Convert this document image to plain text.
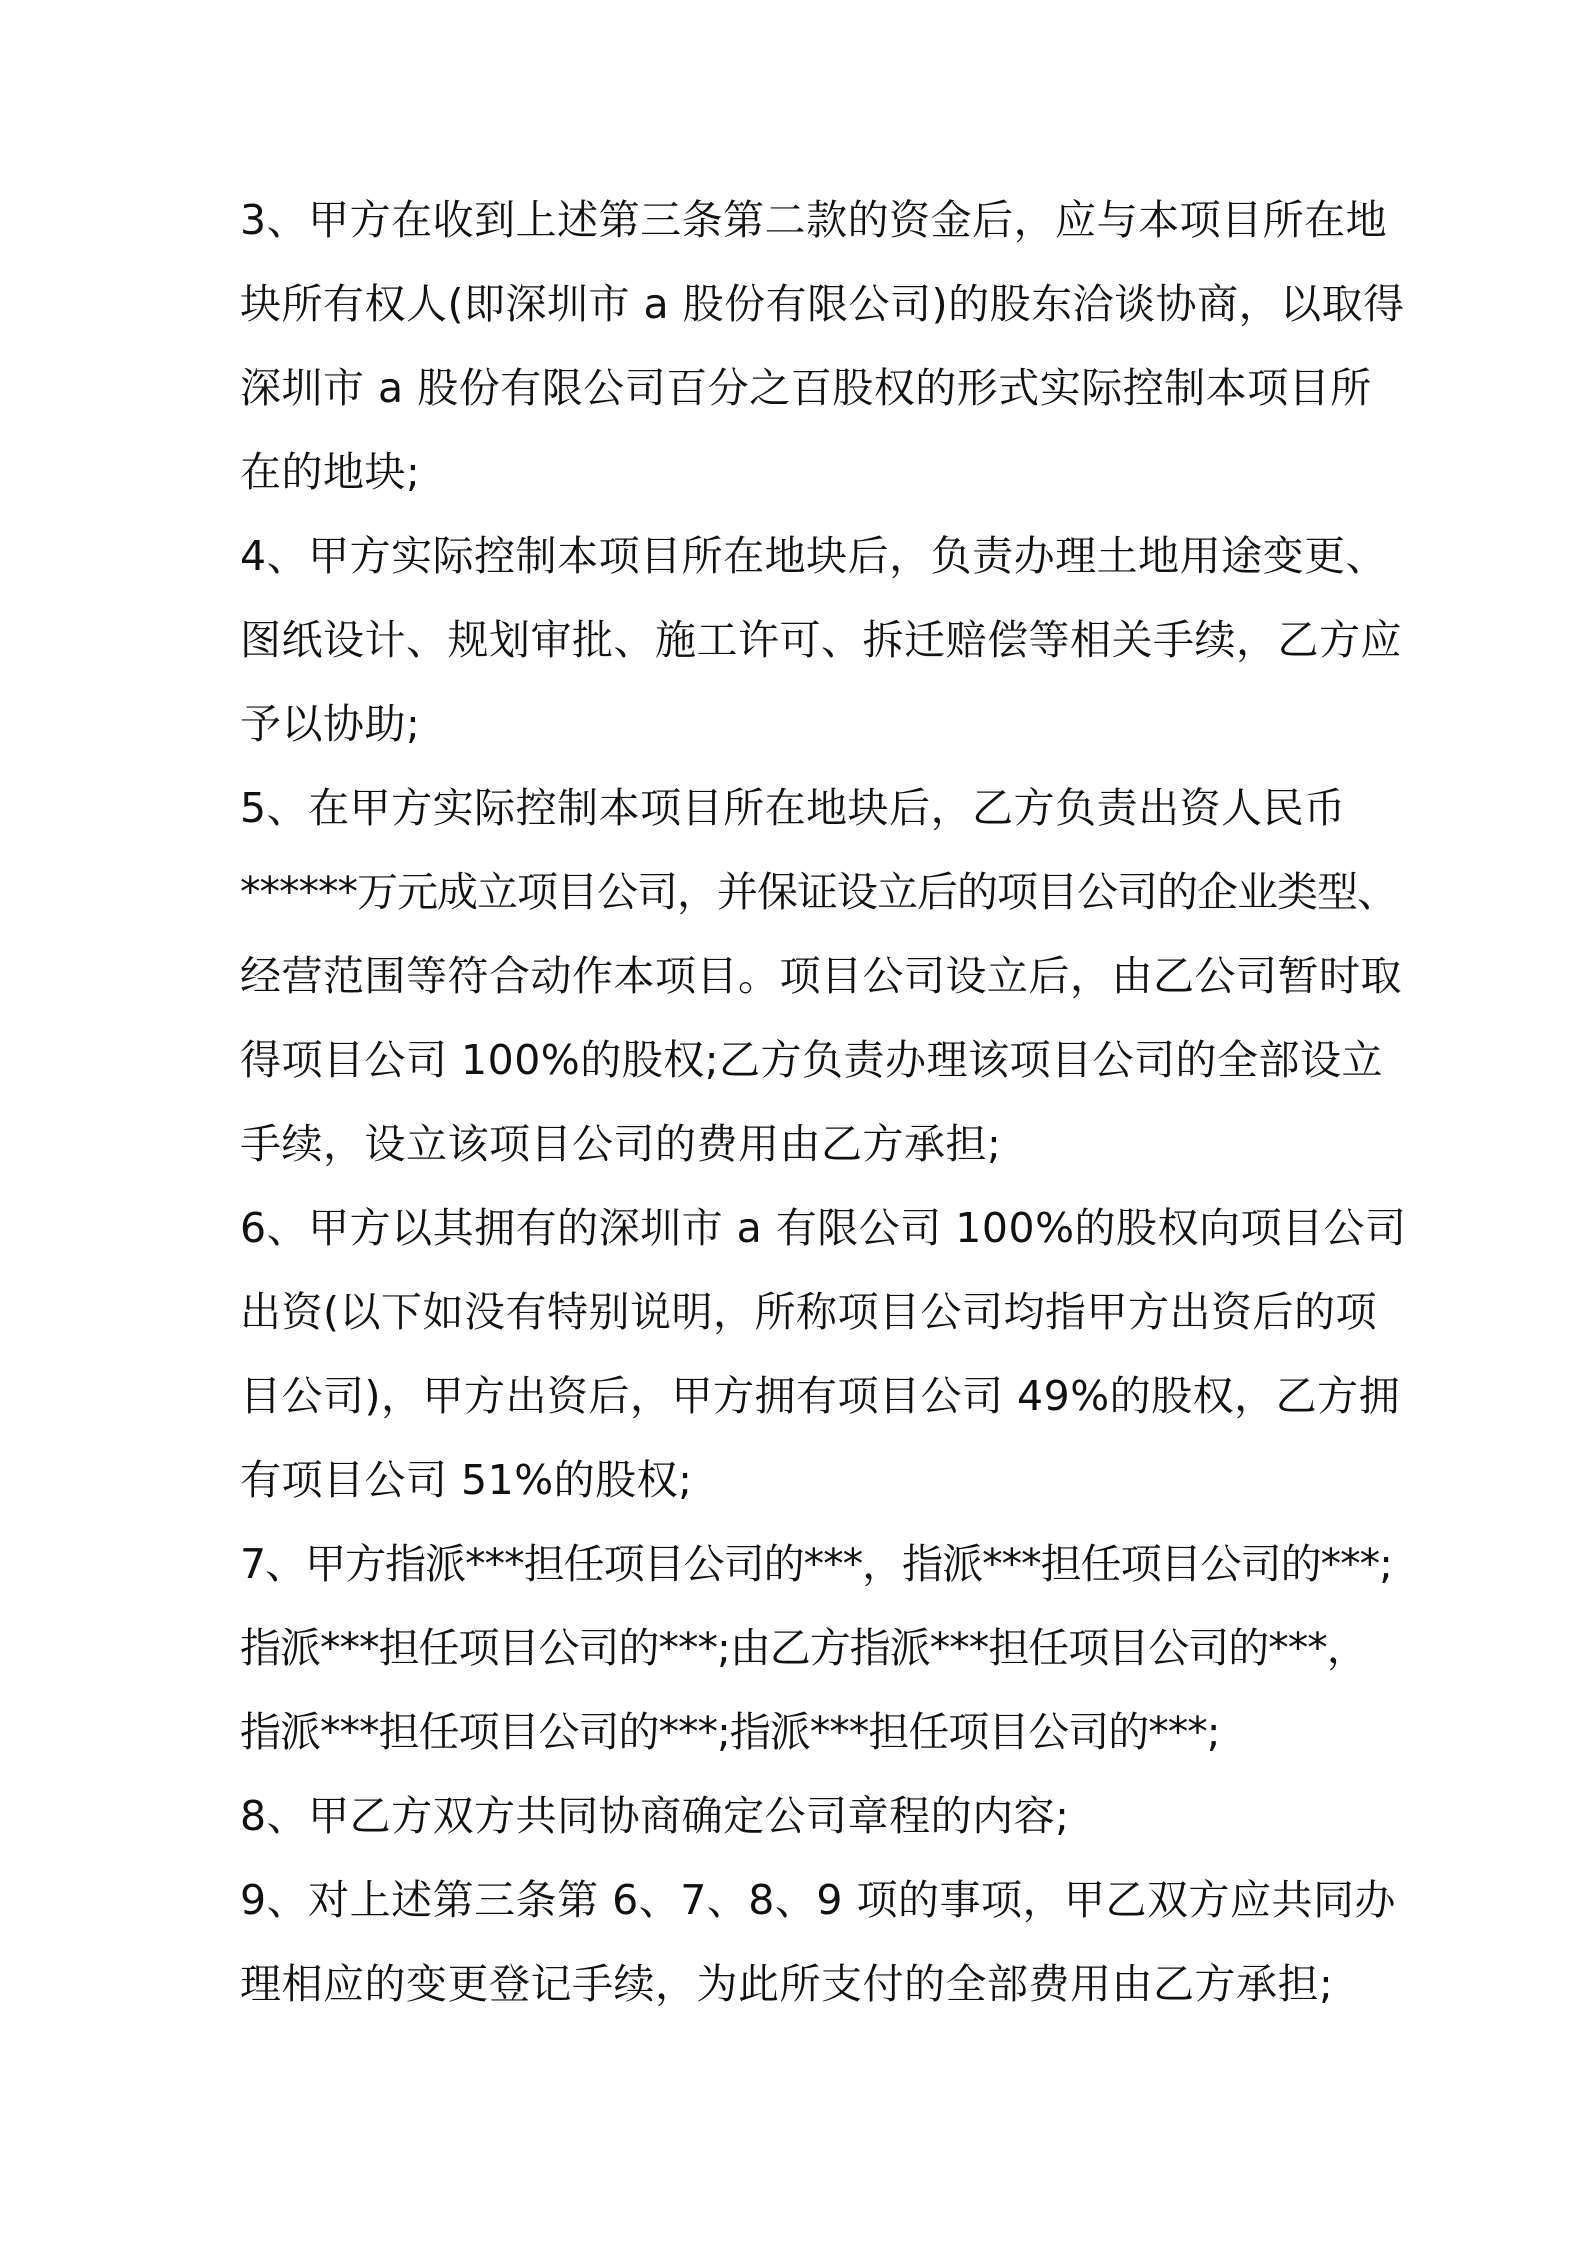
3、甲方在收到上述第三条第二款的资金后，应与本项目所在地
块所有权人(即深圳市 a 股份有限公司)的股东洽谈协商，以取得
深圳市 a 股份有限公司百分之百股权的形式实际控制本项目所
在的地块;
4、甲方实际控制本项目所在地块后，负责办理土地用途变更、
图纸设计、规划审批、施工许可、拆迁赔偿等相关手续，乙方应
予以协助;
5、在甲方实际控制本项目所在地块后，乙方负责出资人民币
******万元成立项目公司，并保证设立后的项目公司的企业类型、
经营范围等符合动作本项目。项目公司设立后，由乙公司暂时取
得项目公司 100%的股权;乙方负责办理该项目公司的全部设立
手续，设立该项目公司的费用由乙方承担;
6、甲方以其拥有的深圳市 a 有限公司 100%的股权向项目公司
出资(以下如没有特别说明，所称项目公司均指甲方出资后的项
目公司)，甲方出资后，甲方拥有项目公司 49%的股权，乙方拥
有项目公司 51%的股权;
7、甲方指派***担任项目公司的***，指派***担任项目公司的***;
指派***担任项目公司的***;由乙方指派***担任项目公司的***，
指派***担任项目公司的***;指派***担任项目公司的***;
8、甲乙方双方共同协商确定公司章程的内容;
9、对上述第三条第 6、7、8、9 项的事项，甲乙双方应共同办
理相应的变更登记手续，为此所支付的全部费用由乙方承担;
